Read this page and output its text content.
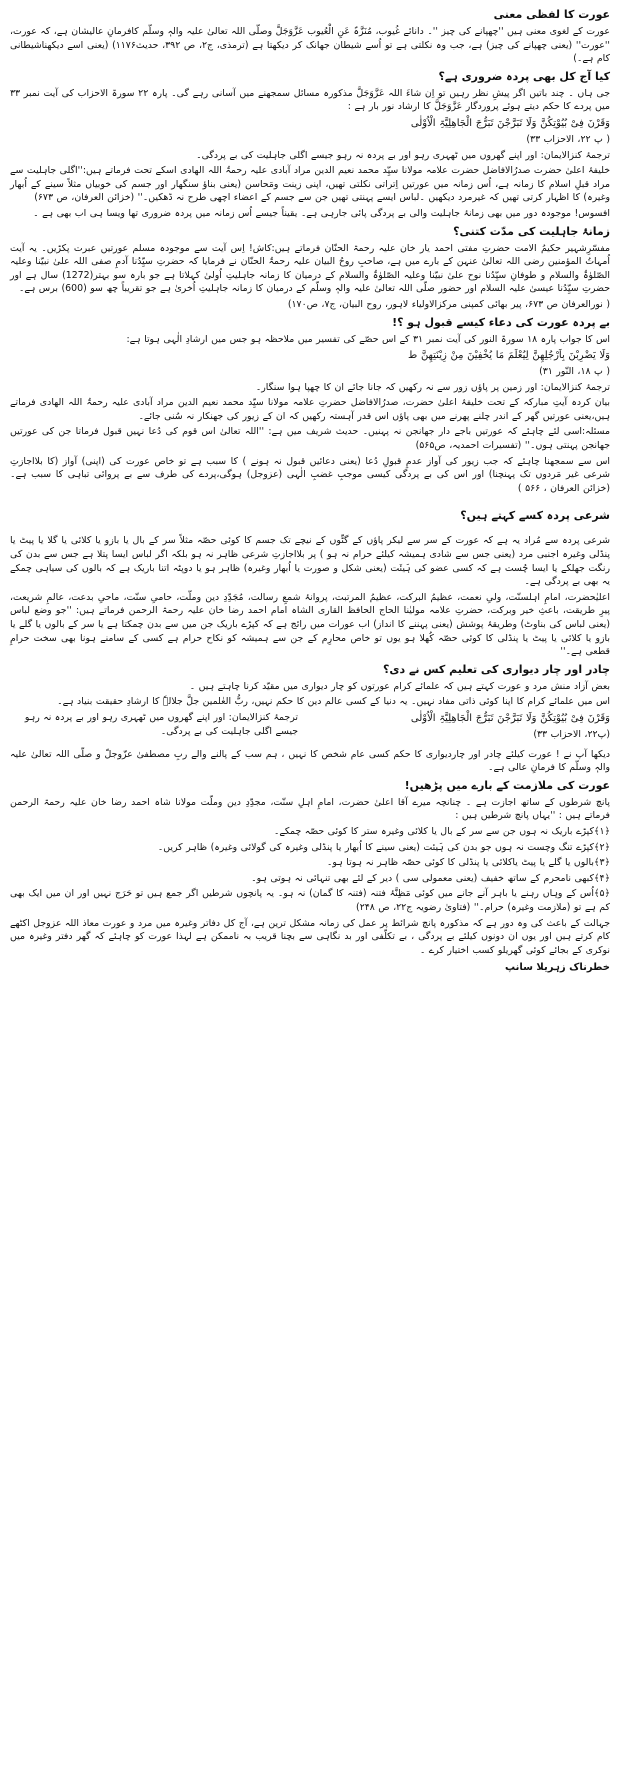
عورت کا لفظی معنی

عورت کے لغوی معنی ہیں ''چھپانے کی چیز ''۔ دانائے غُیوب، مُنَزَّہٌ عَنِ الْعُیوب عَزَّوَجَلَّ وصلّی اللہ تعالیٰ علیہ والہٖ وسلّم کافرمانِ عالیشان ہے، کہ عورت، ''عورت'' (یعنی چھپانے کی چیز) ہے، جب وہ نکلتی ہے تو اُسے شیطان جھانک کر دیکھتا ہے (ترمذی، ج۲، ص ۳۹۲، حدیث۱۱۷۶) (یعنی اسے دیکھناشیطانی کام ہے۔)

کیا آج کل بھی پردہ ضروری ہے؟

جی ہاں ۔ چند باتیں اگر پیشِ نظر رہیں تو اِن شاءَ اللہ عَزَّوَجَلَّ مذکورہ مسائل سمجھنے میں آسانی رہے گی۔ پارہ ۲۲ سورۃ الاحزاب کی آیت نمبر ۳۳ میں پردے کا حکم دیتے ہوئے پروردگار عَزَّوَجَلَّ کا ارشاد نور بار ہے :

وَقَرْنَ فِیْ بُیُوْتِکُنَّ وَلَا تَبَرَّجْنَ تَبَرُّجَ الْجَاھِلِیَّۃِ الْاُوْلٰی

( پ ۲۲، الاحزاب ۳۳)

ترجمۂ کنزالایمان: اور اپنے گھروں میں ٹھہری رہو اور بے پردہ نہ رہو جیسے اگلی جاہلیت کی بے پردگی۔

خلیفۂ اعلیٰ حضرت صدرُالافاضل حضرت علامہ مولانا سیِّد محمد نعیم الدین مراد آبادی علیہ رحمۃُ اللہ الھادی اسکے تحت فرماتے ہیں:''اگلی جاہلیت سے مراد قبلِ اسلام کا زمانہ ہے، اُس زمانہ میں عورتیں اِتراتی نکلتی تھیں، اپنی زینت ومَحاسن (یعنی بناؤ سنگھار اور جسم کی خوبیاں مثلاً سینے کے اُبھار وغیرہ) کا اظہار کرتی تھیں کہ غیرمرد دیکھیں ۔لباس ایسے پہنتی تھیں جن سے جسم کے اعضاء اچھی طرح نہ ڈھکیں۔'' (خزائن العرفان، ص ۶۷۳)

افسوس! موجودہ دور میں بھی زمانۂ جاہلیت والی بے پردگی پائی جارہی ہے۔ یقیناً جیسے اُس زمانہ میں پردہ ضروری تھا ویسا ہی اب بھی ہے ۔

زمانۂ جاہلیت کی مدّت کتنی؟

مفسّرِشہیر حکیمُ الامت حضرتِ مفتی احمد یار خان علیہ رحمۃ الحنّان فرماتے ہیں:کاش! اِس آیت سے موجودہ مسلم عورتیں عبرت پکڑیں۔ یہ آیت اُمہاتُ المؤمنین رضی اللہ تعالیٰ عنہن کے بارے میں ہے، صاحبِ روحُ البیان علیہ رحمۃُ الحنّان نے فرمایا کہ حضرتِ سیِّدُنا آدمِ صفی اللہ علیٰ نبیّنا وعلیہ الصّلوٰۃُ والسلام و طوفانِ سیِّدُنا نوح علیٰ نبیّنا وعلیہ الصّلوٰۃُ والسلام کے درمیان کا زمانہ جاہلیتِ اُولیٰ کہلاتا ہے جو بارہ سو بہتر(1272) سال ہے اور حضرتِ سیِّدُنا عیسیٰ علیہ السلام اور حضور صلّی اللہ تعالیٰ علیہ والہٖ وسلّم کے درمیان کا زمانہ جاہلیتِ اُخریٰ ہے جو تقریباً چھ سو (600) برس ہے۔

( نورالعرفان ص ۶۷۳، پیر بھائی کمپنی مرکزالاولیاء لاہور، روح البیان، ج۷، ص۱۷۰)

بے پردہ عورت کی دعاء کیسے قبول ہو ؟!

اس کا جواب پارہ ۱۸ سورۃ النور کی آیت نمبر ۳۱ کے اس حصّے کی تفسیر میں ملاحظہ ہو جس میں ارشادِ الٰہی ہوتا ہے:

وَلَا یَضْرِبْنَ بِاَرْجُلِھِنَّ لِیُعْلَمَ مَا یُخْفِیْنَ مِنْ زِیْنَتِھِنَّ ط

( پ ۱۸، النّور ۳۱)

ترجمۂ کنزالایمان: اور زمین پر پاؤں زور سے نہ رکھیں کہ جانا جائے ان کا چھپا ہوا سنگار۔

بیان کردہ آیتِ مبارکہ کے تحت خلیفۂ اعلیٰ حضرت، صدرُالافاضل حضرتِ علامہ مولانا سیِّد محمد نعیم الدین مراد آبادی علیہ رحمۃُ اللہ الھادی فرماتے ہیں،یعنی عورتیں گھر کے اندر چلنے پھرنے میں بھی پاؤں اس قدر آہستہ رکھیں کہ ان کے زیور کی جھنکار نہ سُنی جائے۔

مسئلہ:اسی لئے چاہئے کہ عورتیں باجے دار جھانجن نہ پہنیں۔ حدیث شریف میں ہے: ''اللہ تعالیٰ اس قوم کی دُعا نہیں قبول فرماتا جن کی عورتیں جھانجن پہنتی ہوں۔'' (تفسیرات احمدیہ، ص۵۶۵)

اس سے سمجھنا چاہئے کہ جب زیور کی آواز عدمِ قبولِ دُعا (یعنی دعائیں قبول نہ ہونے ) کا سبب ہے تو خاص عورت کی (اپنی) آواز (کا بلااجازتِ شرعی غیر مَردوں تک پہنچنا) اور اس کی بے پردگی کیسی موجبِ غضبِ الٰہی (عزوجل) ہوگی،پردے کی طرف سے بے پروائی تباہی کا سبب ہے۔ (خزائن العرفان ، ۵۶۶ )

شرعی پردہ کسے کہتے ہیں؟

شرعی پردہ سے مُراد یہ ہے کہ عورت کے سر سے لیکر پاؤں کے گٹّوں کے نیچے تک جسم کا کوئی حصّہ مثلاً سر کے بال یا بازو یا کلائی یا گلا یا پیٹ یا پنڈلی وغیرہ اجنبی مرد (یعنی جس سے شادی ہمیشہ کیلئے حرام نہ ہو ) پر بلااجازتِ شرعی ظاہر نہ ہو بلکہ اگر لباس ایسا پتلا ہے جس سے بدن کی رنگت جھلکے یا ایسا چُست ہے کہ کسی عضو کی ہَیئَت (یعنی شکل و صورت یا اُبھار وغیرہ) ظاہر ہو یا دوپٹہ اتنا باریک ہے کہ بالوں کی سیاہی چمکے یہ بھی بے پردگی ہے۔

اعلیٰحضرت، امامِ اہلسنّت، ولیِ نعمت، عظیمُ البرکت، عظیمُ المرتبت، پروانۂ شمعِ رسالت، مُجَدِّدِ دین وملّت، حامیِ سنّت، ماحیِ بدعت، عالمِ شریعت، پیرِ طریقت، باعثِ خیر وبرکت، حضرتِ علامہ مولیٰنا الحاج الحافظ القاری الشاہ امام احمد رضا خان علیہ رحمۃ الرحمن فرماتے ہیں: ''جو وضع لباس (یعنی لباس کی بناوٹ) وطریقۂ پوشش (یعنی پہننے کا انداز) اب عورات میں رائج ہے کہ کپڑے باریک جن میں سے بدن چمکتا ہے یا سر کے بالوں یا گلے یا بازو یا کلائی یا پیٹ یا پنڈلی کا کوئی حصّہ کُھلا ہو یوں تو خاص محارِم کے جن سے ہمیشہ کو نکاح حرام ہے کسی کے سامنے ہونا بھی سخت حرامِ قطعی ہے۔''

چادر اور چار دیواری کی تعلیم کس نے دی؟

بعض آزاد منش مرد و عورت کہتے ہیں کہ علمائے کرام عورتوں کو چار دیواری میں مقیّد کرنا چاہتے ہیں ۔

اس میں علمائے کرام کا اپنا کوئی ذاتی مفاد نہیں۔ یہ دنیا کے کسی عالم دین کا حکم نہیں، ربُّ العٰلمین جلَّ جلالہٗ کا ارشادِ حقیقت بنیاد ہے۔

وَقَرْنَ فِیْ بُیُوْتِکُنَّ وَلَا تَبَرَّجْنَ تَبَرُّجَ الْجَاھِلِیَّۃِ الْاُوْلٰی

(پ۲۲، الاحزاب ۳۳)

ترجمۂ کنزالایمان: اور اپنے گھروں میں ٹھہری رہو اور بے پردہ نہ رہو جیسے اگلی جاہلیت کی بے پردگی۔

دیکھا آپ نے ! عورت کیلئے چادر اور چاردیواری کا حکم کسی عام شخص کا نہیں ، ہم سب کے پالنے والے ربِ مصطفیٰ عزّوجلّ و صلّی اللہ تعالیٰ علیہ والہٖ وسلّم کا فرمانِ عالی ہے۔

عورت کی ملازمت کے بارے میں پڑھیں!

پانچ شرطوں کے ساتھ اجازت ہے ۔ چنانچہ میرے آقا اعلیٰ حضرت، امامِ اہلِ سنّت، مجدِّدِ دین وملّت مولانا شاہ احمد رضا خان علیہ رحمۃ الرحمن فرماتے ہیں : ''یہاں پانچ شرطیں ہیں :

﴿۱﴾کپڑے باریک نہ ہوں جن سے سر کے بال یا کلائی وغیرہ ستر کا کوئی حصّہ چمکے۔

﴿۲﴾کپڑے تنگ وچست نہ ہوں جو بدن کی ہَیئت (یعنی سینے کا اُبھار یا پنڈلی وغیرہ کی گولائی وغیرہ) ظاہر کریں۔

﴿۳﴾بالوں یا گلے یا پیٹ یاکلائی یا پنڈلی کا کوئی حصّہ ظاہر نہ ہوتا ہو۔

﴿۴﴾کبھی نامحرم کے ساتھ خفیف (یعنی معمولی سی ) دیر کے لئے بھی تنہائی نہ ہوتی ہو۔

﴿۵﴾اُس کے وہاں رہنے یا باہر آنے جانے میں کوئی مَظِنَّۂ فتنہ (فتنہ کا گمان) نہ ہو۔ یہ پانچوں شرطیں اگر جمع ہیں تو حَرَج نہیں اور ان میں ایک بھی کم ہے تو (ملازمت وغیرہ) حرام۔'' (فتاویٰ رضویہ ج۲۲، ص ۲۴۸)

جہالت کے باعث کی وہ دور ہے کہ مذکورہ پانچ شرائط پر عمل کی زمانہ مشکل ترین ہے، آج کل دفاتر وغیرہ میں مرد و عورت معاذ اللہ عزوجل اکٹھے کام کرتے ہیں اور یوں ان دونوں کیلئے بے پردگی ، بے تکلّفی اور بد نگاہی سے بچنا قریب بہ ناممکن ہے لہذا عورت کو چاہئے کہ گھر دفتر وغیرہ میں نوکری کے بجائے کوئی گھریلو کسب اختیار کرے ۔

خطرناک زہریلا سانپ
